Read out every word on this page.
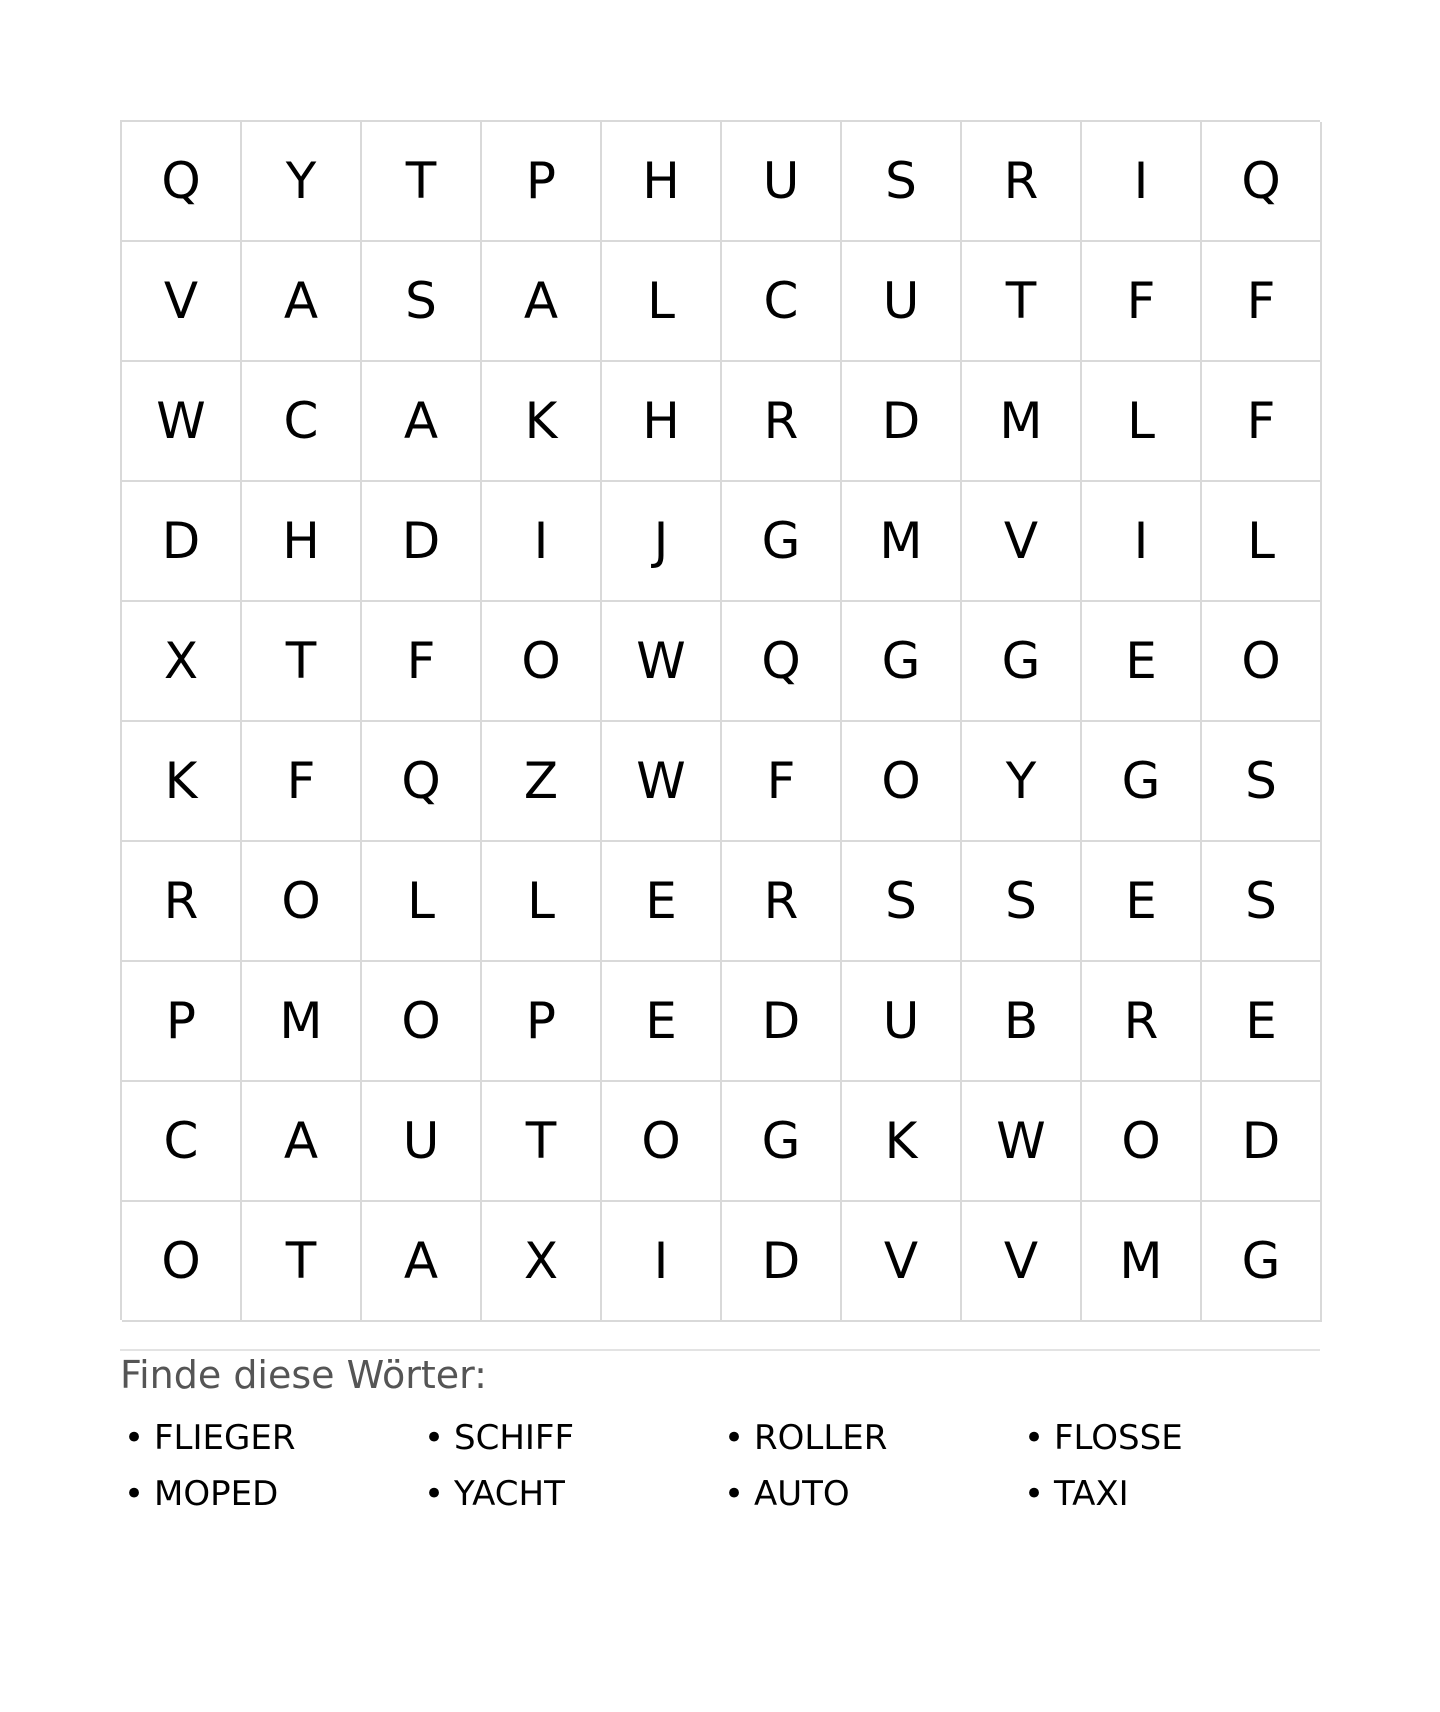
Q	Y	T	P	H	U	S	R	I	Q
V	A	S	A	L	C	U	T	F	F
W	C	A	K	H	R	D	M	L	F
D	H	D	I	J	G	M	V	I	L
X	T	F	O	W	Q	G	G	E	O
K	F	Q	Z	W	F	O	Y	G	S
R	O	L	L	E	R	S	S	E	S
P	M	O	P	E	D	U	B	R	E
C	A	U	T	O	G	K	W	O	D
O	T	A	X	I	D	V	V	M	G
Finde diese Wörter:
• FLIEGER	• SCHIFF	• ROLLER	• FLOSSE
• MOPED	• YACHT	• AUTO	• TAXI
